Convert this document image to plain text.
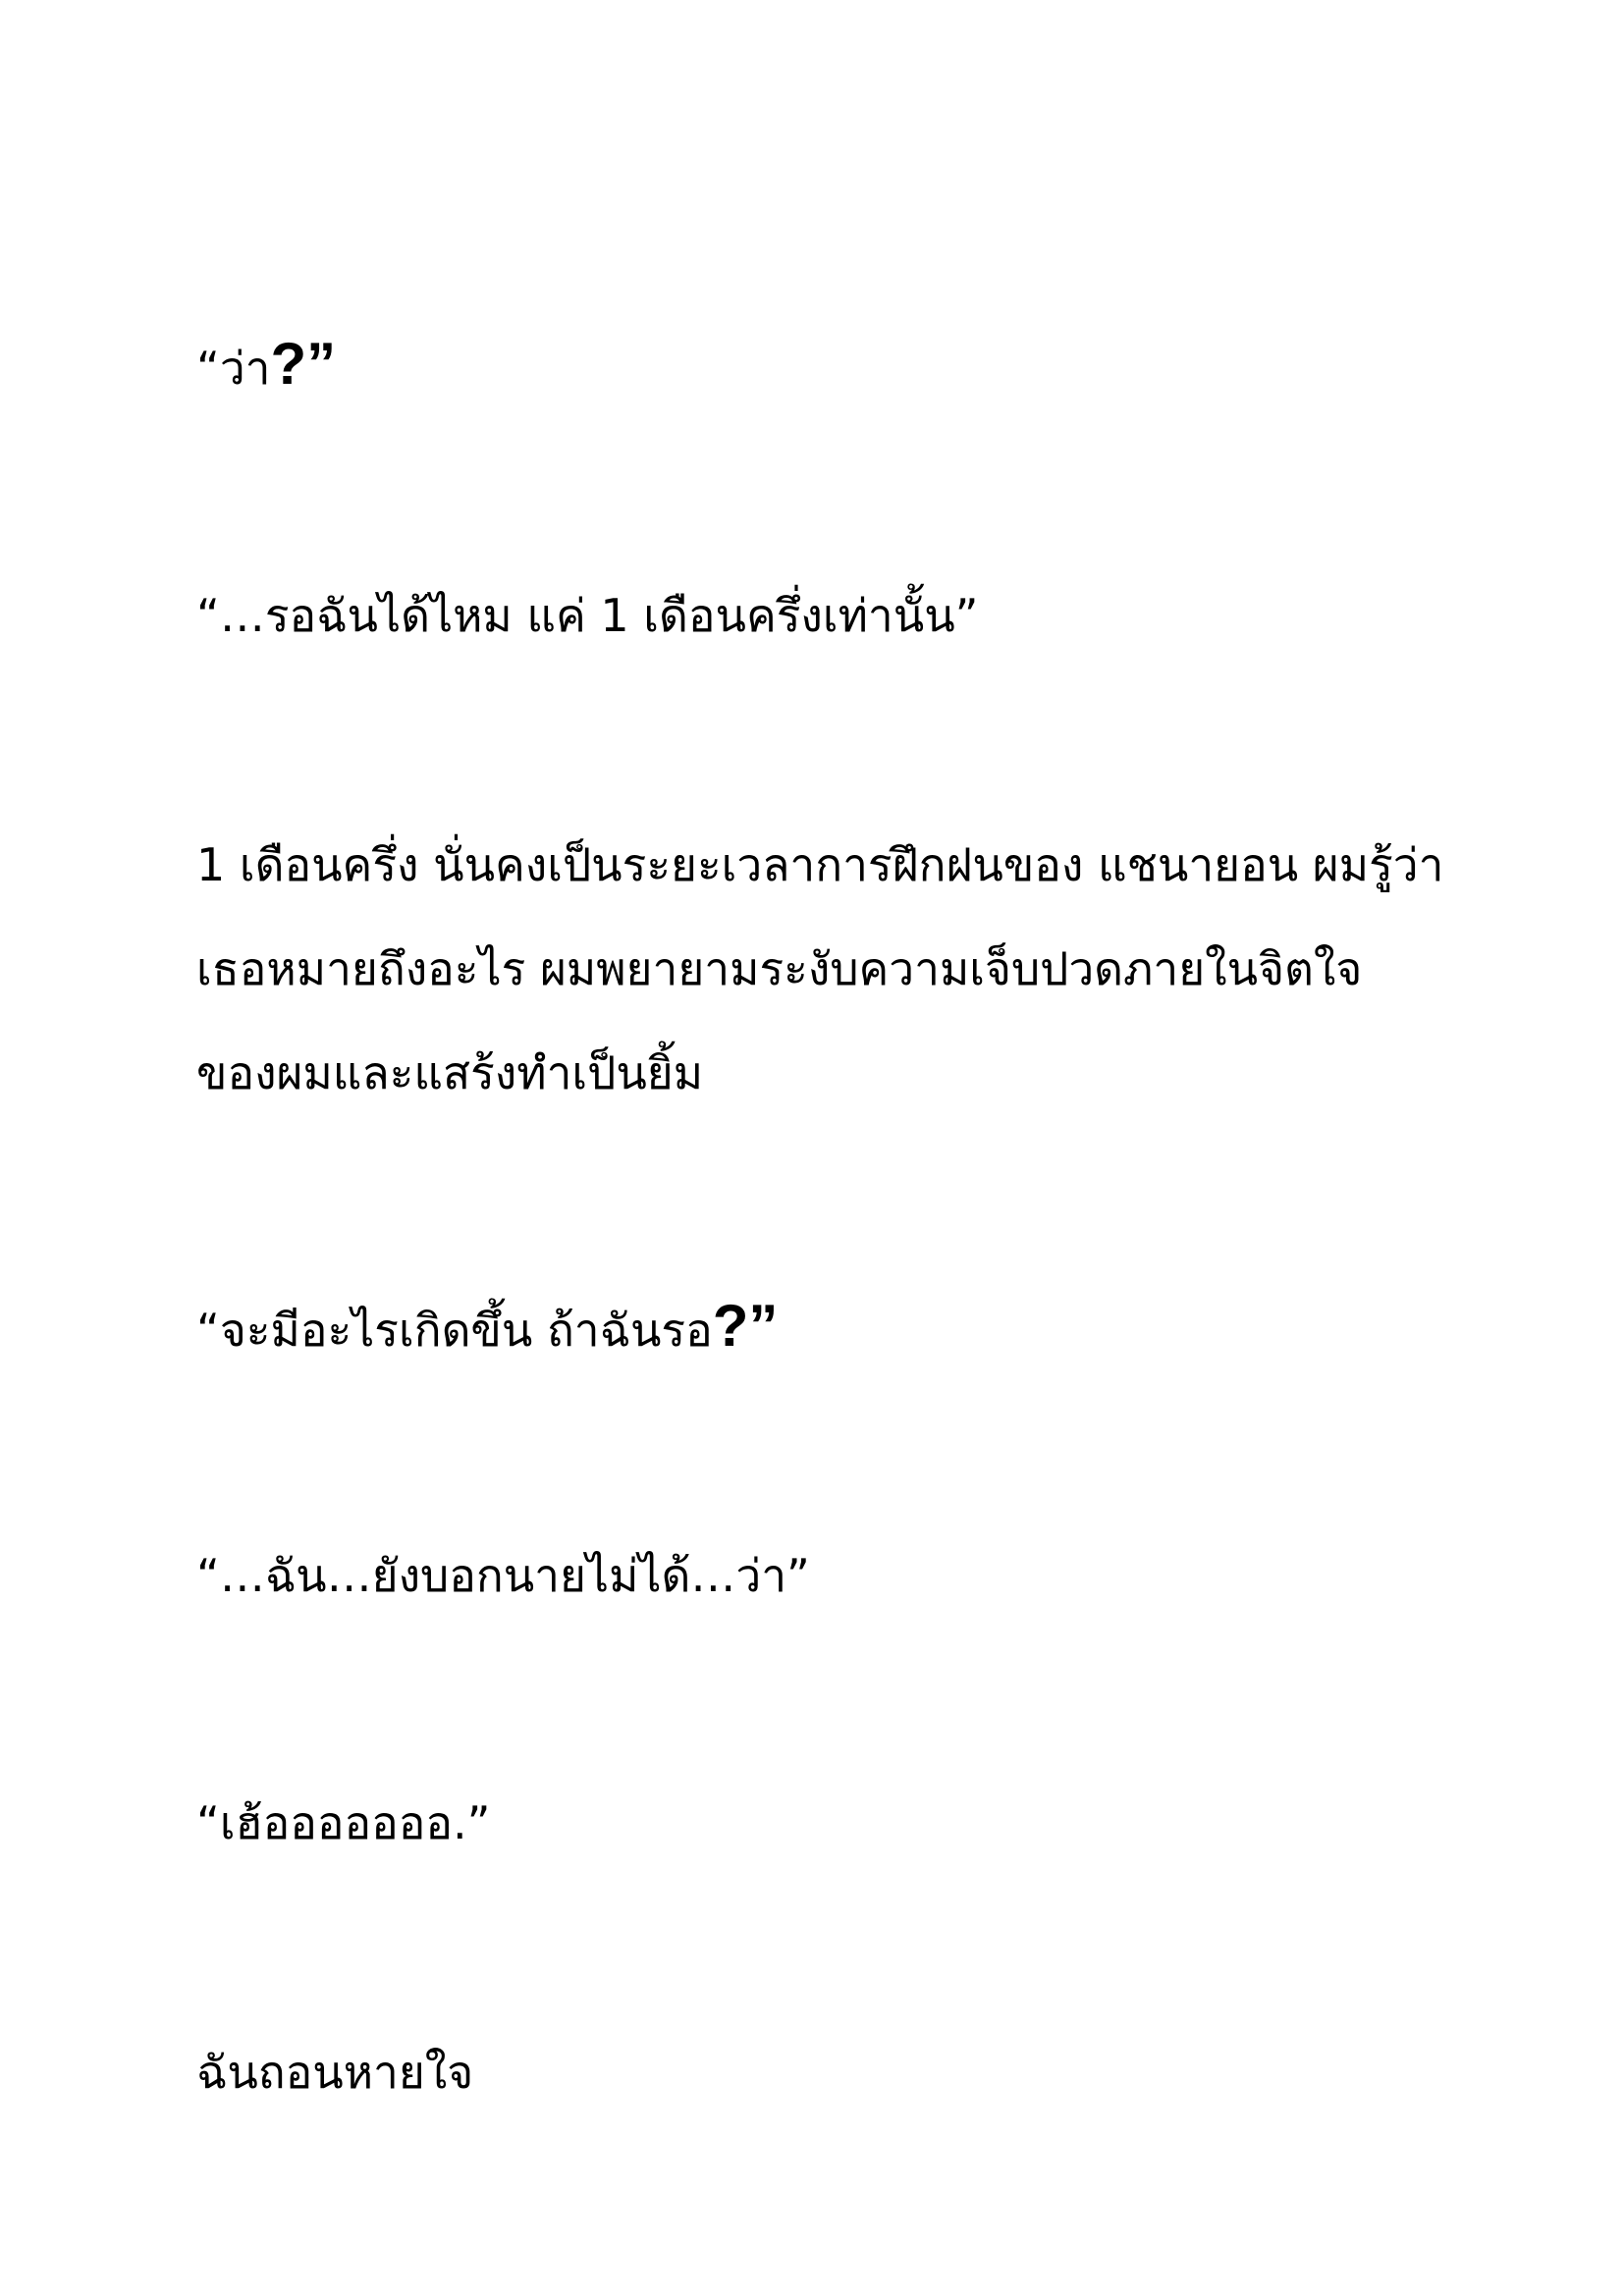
“ว่า?”

“…รอฉันได้ไหม แค่ 1 เดือนครึ่งเท่านั้น”

1 เดือนครึ่ง นั่นคงเป็นระยะเวลาการฝึกฝนของ แชนายอน ผมรู้ว่า
เธอหมายถึงอะไร ผมพยายามระงับความเจ็บปวดภายในจิตใจ
ของผมและแสร้งทำเป็นยิ้ม

“จะมีอะไรเกิดขึ้น ถ้าฉันรอ?”

“…ฉัน…ยังบอกนายไม่ได้…ว่า”

“เฮ้อออออออ.”

ฉันถอนหายใจ
